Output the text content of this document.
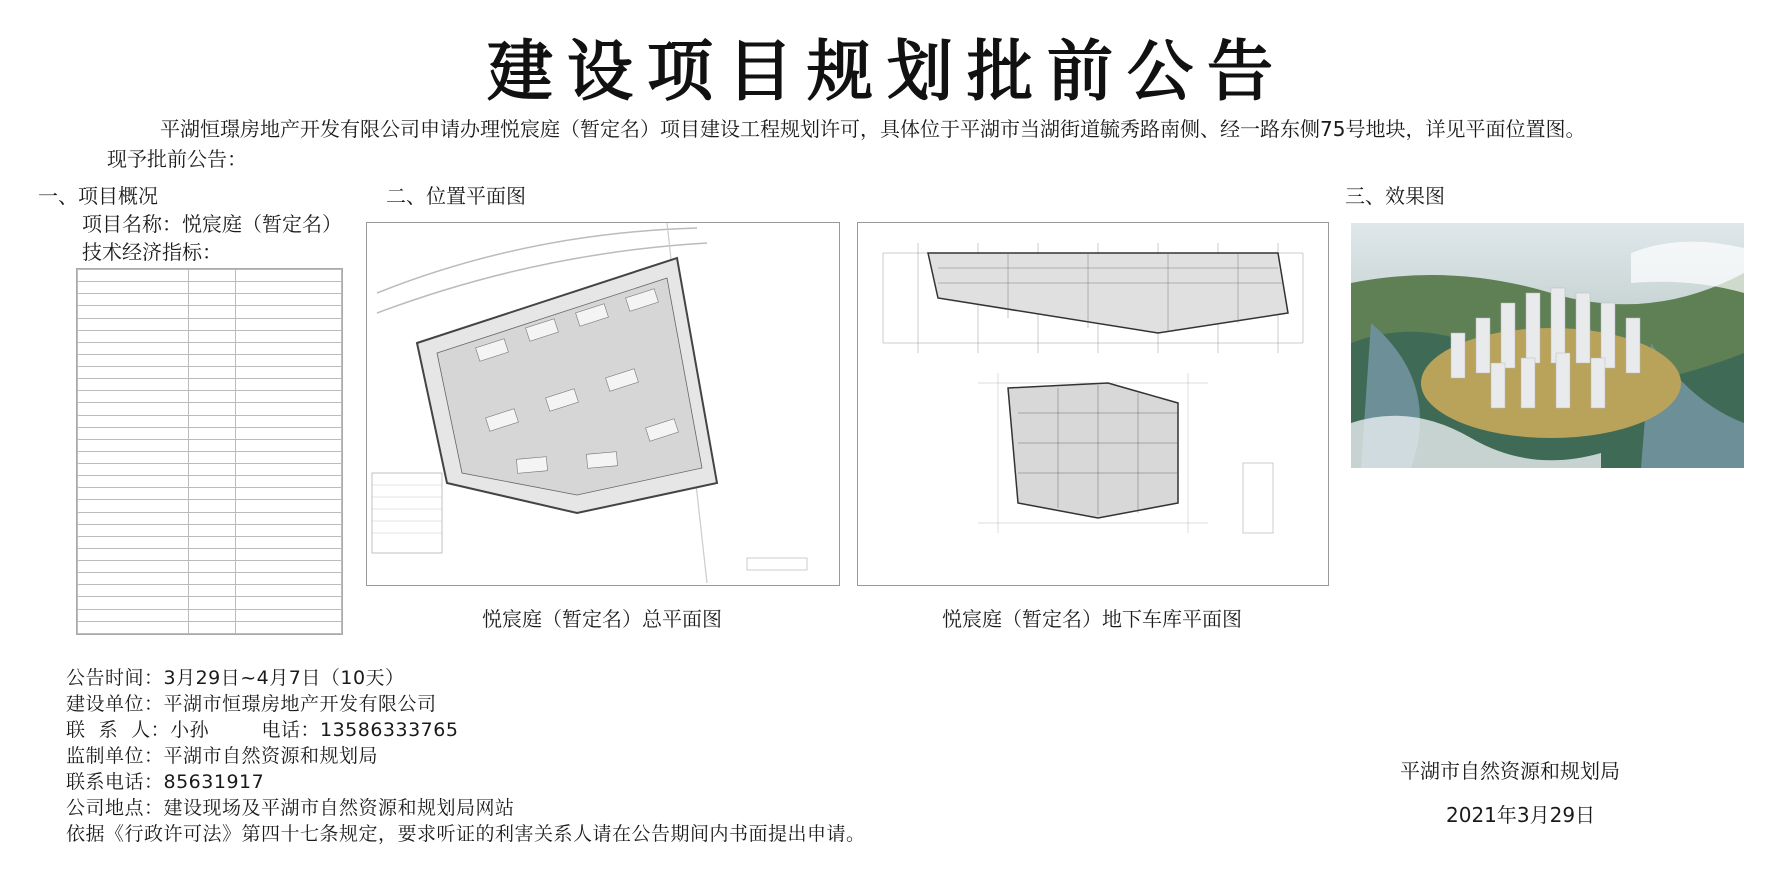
建设项目规划批前公告
平湖恒璟房地产开发有限公司申请办理悦宸庭（暂定名）项目建设工程规划许可，具体位于平湖市当湖街道毓秀路南侧、经一路东侧75号地块，详见平面位置图。
现予批前公告：
一、项目概况
项目名称：悦宸庭（暂定名）
技术经济指标：

二、位置平面图
悦宸庭（暂定名）总平面图	悦宸庭（暂定名）地下车库平面图
三、效果图
公告时间：3月29日~4月7日（10天）
建设单位：平湖市恒璟房地产开发有限公司
联  系  人：小孙        电话：13586333765
监制单位：平湖市自然资源和规划局
联系电话：85631917
公司地点：建设现场及平湖市自然资源和规划局网站
依据《行政许可法》第四十七条规定，要求听证的利害关系人请在公告期间内书面提出申请。
平湖市自然资源和规划局
2021年3月29日
